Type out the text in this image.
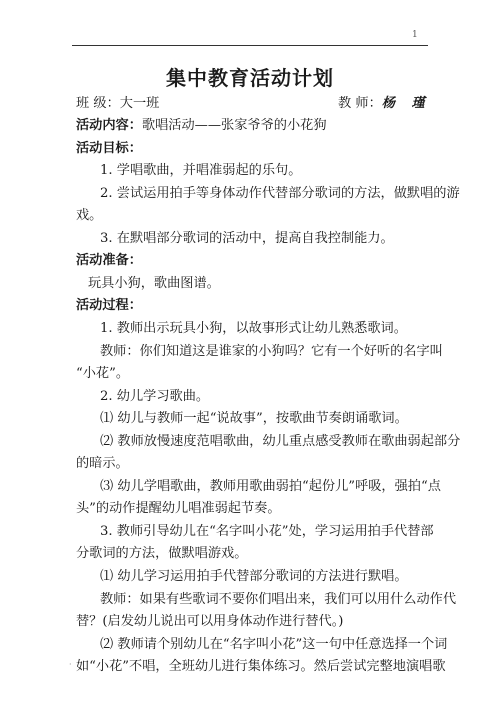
1
集中教育活动计划
班 级：大一班	教 师：杨 瑾
活动内容：歌唱活动——张家爷爷的小花狗
活动目标：
1. 学唱歌曲，并唱准弱起的乐句。
2. 尝试运用拍手等身体动作代替部分歌词的方法，做默唱的游
戏。
3. 在默唱部分歌词的活动中，提高自我控制能力。
活动准备：
玩具小狗，歌曲图谱。
活动过程：
1. 教师出示玩具小狗，以故事形式让幼儿熟悉歌词。
教师：你们知道这是谁家的小狗吗？它有一个好听的名字叫
“小花”。
2. 幼儿学习歌曲。
⑴ 幼儿与教师一起“说故事”，按歌曲节奏朗诵歌词。
⑵ 教师放慢速度范唱歌曲，幼儿重点感受教师在歌曲弱起部分
的暗示。
⑶ 幼儿学唱歌曲，教师用歌曲弱拍“起份儿”呼吸，强拍“点
头”的动作提醒幼儿唱准弱起节奏。
3. 教师引导幼儿在“名字叫小花”处，学习运用拍手代替部
分歌词的方法，做默唱游戏。
⑴ 幼儿学习运用拍手代替部分歌词的方法进行默唱。
教师：如果有些歌词不要你们唱出来，我们可以用什么动作代
替？(启发幼儿说出可以用身体动作进行替代。)
⑵ 教师请个别幼儿在“名字叫小花”这一句中任意选择一个词
如“小花”不唱，全班幼儿进行集体练习。然后尝试完整地演唱歌
·
